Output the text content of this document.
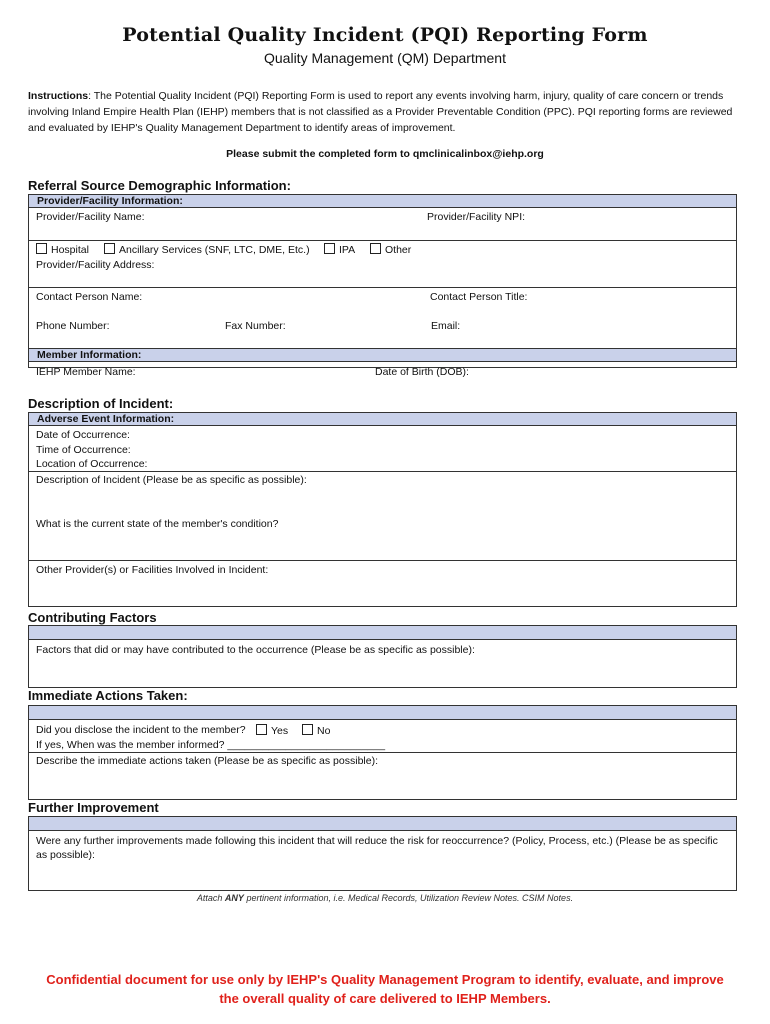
Potential Quality Incident (PQI) Reporting Form
Quality Management (QM) Department
Instructions: The Potential Quality Incident (PQI) Reporting Form is used to report any events involving harm, injury, quality of care concern or trends involving Inland Empire Health Plan (IEHP) members that is not classified as a Provider Preventable Condition (PPC). PQI reporting forms are reviewed and evaluated by IEHP's Quality Management Department to identify areas of improvement.
Please submit the completed form to qmclinicalinbox@iehp.org
Referral Source Demographic Information:
Provider/Facility Information:
Provider/Facility Name:	Provider/Facility NPI:
Hospital	Ancillary Services (SNF, LTC, DME, Etc.)	IPA	Other
Provider/Facility Address:
Contact Person Name:	Contact Person Title:
Phone Number:	Fax Number:	Email:
Member Information:
IEHP Member Name:	Date of Birth (DOB):
Description of Incident:
Adverse Event Information:
Date of Occurrence:
Time of Occurrence:
Location of Occurrence:
Description of Incident (Please be as specific as possible):
What is the current state of the member's condition?
Other Provider(s) or Facilities Involved in Incident:
Contributing Factors
Factors that did or may have contributed to the occurrence (Please be as specific as possible):
Immediate Actions Taken:
Did you disclose the incident to the member?	Yes	No
If yes, When was the member informed? ___________________________
Describe the immediate actions taken (Please be as specific as possible):
Further Improvement
Were any further improvements made following this incident that will reduce the risk for reoccurrence? (Policy, Process, etc.) (Please be as specific as possible):
Attach ANY pertinent information, i.e. Medical Records, Utilization Review Notes. CSIM Notes.
Confidential document for use only by IEHP's Quality Management Program to identify, evaluate, and improve the overall quality of care delivered to IEHP Members.
